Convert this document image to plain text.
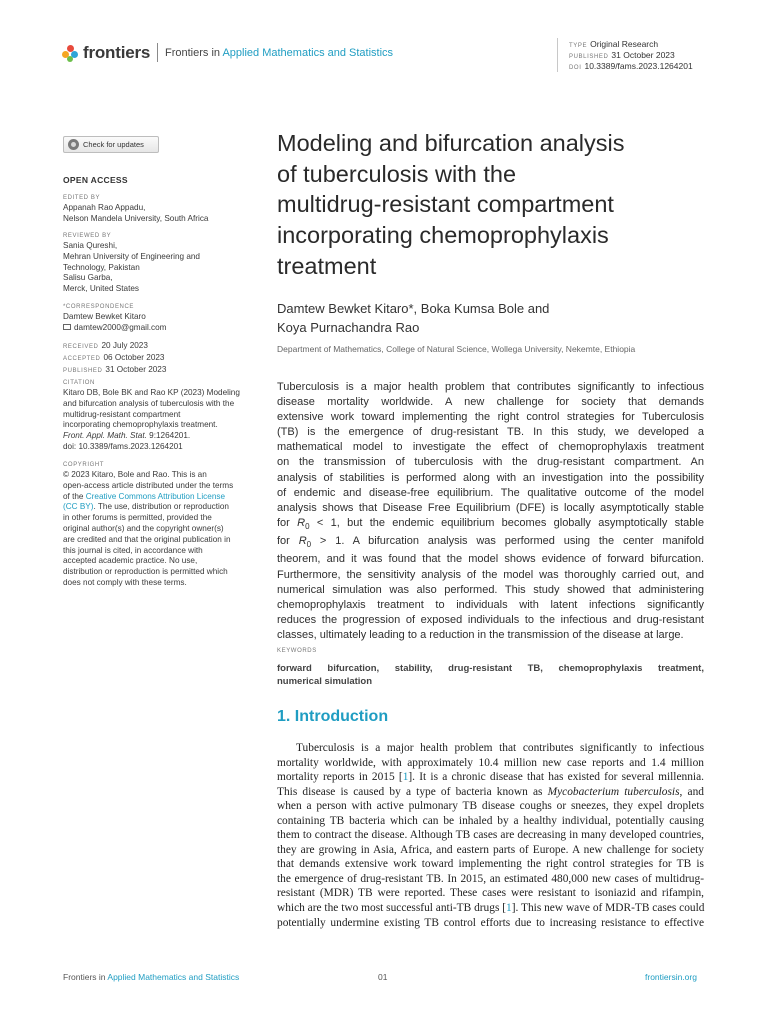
frontiers Frontiers in Applied Mathematics and Statistics
TYPE Original Research
PUBLISHED 31 October 2023
DOI 10.3389/fams.2023.1264201
Check for updates
OPEN ACCESS
EDITED BY
Appanah Rao Appadu,
Nelson Mandela University, South Africa
REVIEWED BY
Sania Qureshi,
Mehran University of Engineering and
Technology, Pakistan
Salisu Garba,
Merck, United States
*CORRESPONDENCE
Damtew Bewket Kitaro
damtew2000@gmail.com
RECEIVED 20 July 2023
ACCEPTED 06 October 2023
PUBLISHED 31 October 2023
CITATION
Kitaro DB, Bole BK and Rao KP (2023) Modeling
and bifurcation analysis of tuberculosis with the
multidrug-resistant compartment
incorporating chemoprophylaxis treatment.
Front. Appl. Math. Stat. 9:1264201.
doi: 10.3389/fams.2023.1264201
COPYRIGHT
© 2023 Kitaro, Bole and Rao. This is an
open-access article distributed under the terms
of the Creative Commons Attribution License
(CC BY). The use, distribution or reproduction
in other forums is permitted, provided the
original author(s) and the copyright owner(s)
are credited and that the original publication in
this journal is cited, in accordance with
accepted academic practice. No use,
distribution or reproduction is permitted which
does not comply with these terms.
Modeling and bifurcation analysis
of tuberculosis with the
multidrug-resistant compartment
incorporating chemoprophylaxis
treatment
Damtew Bewket Kitaro*, Boka Kumsa Bole and
Koya Purnachandra Rao
Department of Mathematics, College of Natural Science, Wollega University, Nekemte, Ethiopia
Tuberculosis is a major health problem that contributes significantly to infectious
disease mortality worldwide. A new challenge for society that demands
extensive work toward implementing the right control strategies for Tuberculosis
(TB) is the emergence of drug-resistant TB. In this study, we developed a
mathematical model to investigate the effect of chemoprophylaxis treatment
on the transmission of tuberculosis with the drug-resistant compartment. An
analysis of stabilities is performed along with an investigation into the possibility
of endemic and disease-free equilibrium. The qualitative outcome of the model
analysis shows that Disease Free Equilibrium (DFE) is locally asymptotically stable
for $R_0 < 1$, but the endemic equilibrium becomes globally asymptotically stable
for $R_0 > 1$. A bifurcation analysis was performed using the center manifold
theorem, and it was found that the model shows evidence of forward bifurcation.
Furthermore, the sensitivity analysis of the model was thoroughly carried out, and
numerical simulation was also performed. This study showed that administering
chemoprophylaxis treatment to individuals with latent infections significantly
reduces the progression of exposed individuals to the infectious and drug-resistant
classes, ultimately leading to a reduction in the transmission of the disease at large.
KEYWORDS
forward bifurcation, stability, drug-resistant TB, chemoprophylaxis treatment,
numerical simulation
1. Introduction
Tuberculosis is a major health problem that contributes significantly to infectious
mortality worldwide, with approximately 10.4 million new case reports and 1.4 million
mortality reports in 2015 [1]. It is a chronic disease that has existed for several millennia.
This disease is caused by a type of bacteria known as Mycobacterium tuberculosis, and
when a person with active pulmonary TB disease coughs or sneezes, they expel droplets
containing TB bacteria which can be inhaled by a healthy individual, potentially causing
them to contract the disease. Although TB cases are decreasing in many developed countries,
they are growing in Asia, Africa, and eastern parts of Europe. A new challenge for society
that demands extensive work toward implementing the right control strategies for TB is
the emergence of drug-resistant TB. In 2015, an estimated 480,000 new cases of multidrug-
resistant (MDR) TB were reported. These cases were resistant to isoniazid and rifampin,
which are the two most successful anti-TB drugs [1]. This new wave of MDR-TB cases could
potentially undermine existing TB control efforts due to increasing resistance to effective
Frontiers in Applied Mathematics and Statistics	01	frontiersin.org
